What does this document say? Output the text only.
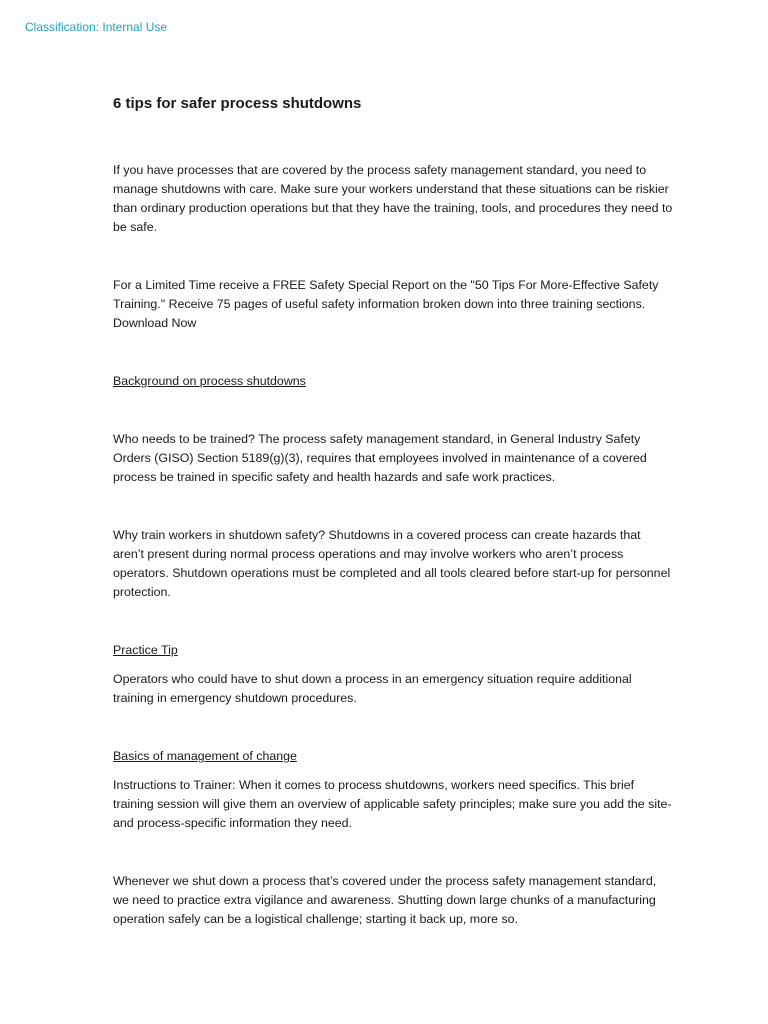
Classification: Internal Use
6 tips for safer process shutdowns

If you have processes that are covered by the process safety management standard, you need to manage shutdowns with care. Make sure your workers understand that these situations can be riskier than ordinary production operations but that they have the training, tools, and procedures they need to be safe.

For a Limited Time receive a FREE Safety Special Report on the "50 Tips For More-Effective Safety Training." Receive 75 pages of useful safety information broken down into three training sections. Download Now

Background on process shutdowns

Who needs to be trained? The process safety management standard, in General Industry Safety Orders (GISO) Section 5189(g)(3), requires that employees involved in maintenance of a covered process be trained in specific safety and health hazards and safe work practices.

Why train workers in shutdown safety? Shutdowns in a covered process can create hazards that aren’t present during normal process operations and may involve workers who aren’t process operators. Shutdown operations must be completed and all tools cleared before start-up for personnel protection.

Practice Tip

Operators who could have to shut down a process in an emergency situation require additional training in emergency shutdown procedures.

Basics of management of change

Instructions to Trainer: When it comes to process shutdowns, workers need specifics. This brief training session will give them an overview of applicable safety principles; make sure you add the site- and process-specific information they need.

Whenever we shut down a process that’s covered under the process safety management standard, we need to practice extra vigilance and awareness. Shutting down large chunks of a manufacturing operation safely can be a logistical challenge; starting it back up, more so.
